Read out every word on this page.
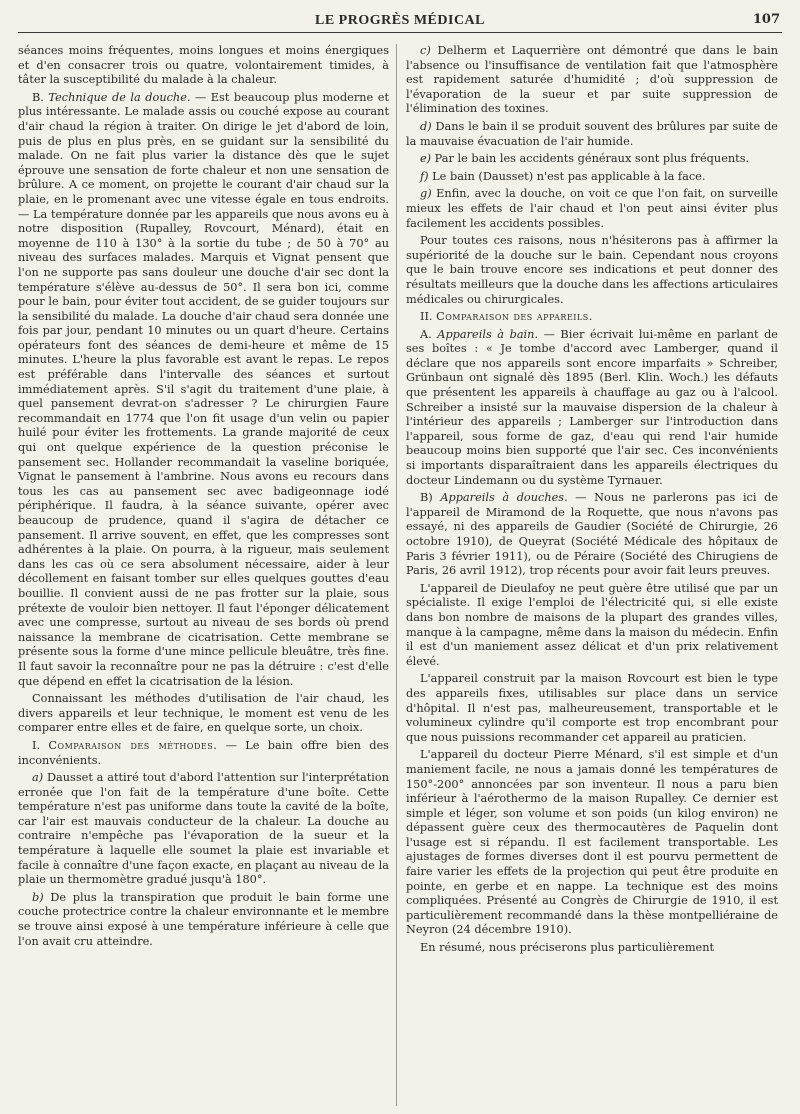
LE PROGRÈS MÉDICAL	107

séances moins fréquentes, moins longues et moins énergiques et d'en consacrer trois ou quatre, volontairement timides, à tâter la susceptibilité du malade à la chaleur.

B. Technique de la douche. — Est beaucoup plus moderne et plus intéressante. Le malade assis ou couché expose au courant d'air chaud la région à traiter. On dirige le jet d'abord de loin, puis de plus en plus près, en se guidant sur la sensibilité du malade. On ne fait plus varier la distance dès que le sujet éprouve une sensation de forte chaleur et non une sensation de brûlure. A ce moment, on projette le courant d'air chaud sur la plaie, en le promenant avec une vitesse égale en tous endroits. — La température donnée par les appareils que nous avons eu à notre disposition (Rupalley, Rovcourt, Ménard), était en moyenne de 110 à 130° à la sortie du tube ; de 50 à 70° au niveau des surfaces malades. Marquis et Vignat pensent que l'on ne supporte pas sans douleur une douche d'air sec dont la température s'élève au-dessus de 50°. Il sera bon ici, comme pour le bain, pour éviter tout accident, de se guider toujours sur la sensibilité du malade. La douche d'air chaud sera donnée une fois par jour, pendant 10 minutes ou un quart d'heure. Certains opérateurs font des séances de demi-heure et même de 15 minutes. L'heure la plus favorable est avant le repas. Le repos est préférable dans l'intervalle des séances et surtout immédiatement après. S'il s'agit du traitement d'une plaie, à quel pansement devrat-on s'adresser ? Le chirurgien Faure recommandait en 1774 que l'on fit usage d'un velin ou papier huilé pour éviter les frottements. La grande majorité de ceux qui ont quelque expérience de la question préconise le pansement sec. Hollander recommandait la vaseline boriquée, Vignat le pansement à l'ambrine. Nous avons eu recours dans tous les cas au pansement sec avec badigeonnage iodé périphérique. Il faudra, à la séance suivante, opérer avec beaucoup de prudence, quand il s'agira de détacher ce pansement. Il arrive souvent, en effet, que les compresses sont adhérentes à la plaie. On pourra, à la rigueur, mais seulement dans les cas où ce sera absolument nécessaire, aider à leur décollement en faisant tomber sur elles quelques gouttes d'eau bouillie. Il convient aussi de ne pas frotter sur la plaie, sous prétexte de vouloir bien nettoyer. Il faut l'éponger délicatement avec une compresse, surtout au niveau de ses bords où prend naissance la membrane de cicatrisation. Cette membrane se présente sous la forme d'une mince pellicule bleuâtre, très fine. Il faut savoir la reconnaître pour ne pas la détruire : c'est d'elle que dépend en effet la cicatrisation de la lésion.

Connaissant les méthodes d'utilisation de l'air chaud, les divers appareils et leur technique, le moment est venu de les comparer entre elles et de faire, en quelque sorte, un choix.

I. Comparaison des méthodes. — Le bain offre bien des inconvénients.

a) Dausset a attiré tout d'abord l'attention sur l'interprétation erronée que l'on fait de la température d'une boîte. Cette température n'est pas uniforme dans toute la cavité de la boîte, car l'air est mauvais conducteur de la chaleur. La douche au contraire n'empêche pas l'évaporation de la sueur et la température à laquelle elle soumet la plaie est invariable et facile à connaître d'une façon exacte, en plaçant au niveau de la plaie un thermomètre gradué jusqu'à 180°.

b) De plus la transpiration que produit le bain forme une couche protectrice contre la chaleur environnante et le membre se trouve ainsi exposé à une température inférieure à celle que l'on avait cru atteindre.

c) Delherm et Laquerrière ont démontré que dans le bain l'absence ou l'insuffisance de ventilation fait que l'atmosphère est rapidement saturée d'humidité ; d'où suppression de l'évaporation de la sueur et par suite suppression de l'élimination des toxines.

d) Dans le bain il se produit souvent des brûlures par suite de la mauvaise évacuation de l'air humide.

e) Par le bain les accidents généraux sont plus fréquents.

f) Le bain (Dausset) n'est pas applicable à la face.

g) Enfin, avec la douche, on voit ce que l'on fait, on surveille mieux les effets de l'air chaud et l'on peut ainsi éviter plus facilement les accidents possibles.

Pour toutes ces raisons, nous n'hésiterons pas à affirmer la supériorité de la douche sur le bain. Cependant nous croyons que le bain trouve encore ses indications et peut donner des résultats meilleurs que la douche dans les affections articulaires médicales ou chirurgicales.

II. Comparaison des appareils.

A. Appareils à bain. — Bier écrivait lui-même en parlant de ses boîtes : « Je tombe d'accord avec Lamberger, quand il déclare que nos appareils sont encore imparfaits » Schreiber, Grünbaun ont signalé dès 1895 (Berl. Klin. Woch.) les défauts que présentent les appareils à chauffage au gaz ou à l'alcool. Schreiber a insisté sur la mauvaise dispersion de la chaleur à l'intérieur des appareils ; Lamberger sur l'introduction dans l'appareil, sous forme de gaz, d'eau qui rend l'air humide beaucoup moins bien supporté que l'air sec. Ces inconvénients si importants disparaîtraient dans les appareils électriques du docteur Lindemann ou du système Tyrnauer.

B) Appareils à douches. — Nous ne parlerons pas ici de l'appareil de Miramond de la Roquette, que nous n'avons pas essayé, ni des appareils de Gaudier (Société de Chirurgie, 26 octobre 1910), de Queyrat (Société Médicale des hôpitaux de Paris 3 février 1911), ou de Péraire (Société des Chirugiens de Paris, 26 avril 1912), trop récents pour avoir fait leurs preuves.

L'appareil de Dieulafoy ne peut guère être utilisé que par un spécialiste. Il exige l'emploi de l'électricité qui, si elle existe dans bon nombre de maisons de la plupart des grandes villes, manque à la campagne, même dans la maison du médecin. Enfin il est d'un maniement assez délicat et d'un prix relativement élevé.

L'appareil construit par la maison Rovcourt est bien le type des appareils fixes, utilisables sur place dans un service d'hôpital. Il n'est pas, malheureusement, transportable et le volumineux cylindre qu'il comporte est trop encombrant pour que nous puissions recommander cet appareil au praticien.

L'appareil du docteur Pierre Ménard, s'il est simple et d'un maniement facile, ne nous a jamais donné les températures de 150°-200° annoncées par son inventeur. Il nous a paru bien inférieur à l'aérothermo de la maison Rupalley. Ce dernier est simple et léger, son volume et son poids (un kilog environ) ne dépassent guère ceux des thermocautères de Paquelin dont l'usage est si répandu. Il est facilement transportable. Les ajustages de formes diverses dont il est pourvu permettent de faire varier les effets de la projection qui peut être produite en pointe, en gerbe et en nappe. La technique est des moins compliquées. Présenté au Congrès de Chirurgie de 1910, il est particulièrement recommandé dans la thèse montpelliéraine de Neyron (24 décembre 1910).

En résumé, nous préciserons plus particulièrement
